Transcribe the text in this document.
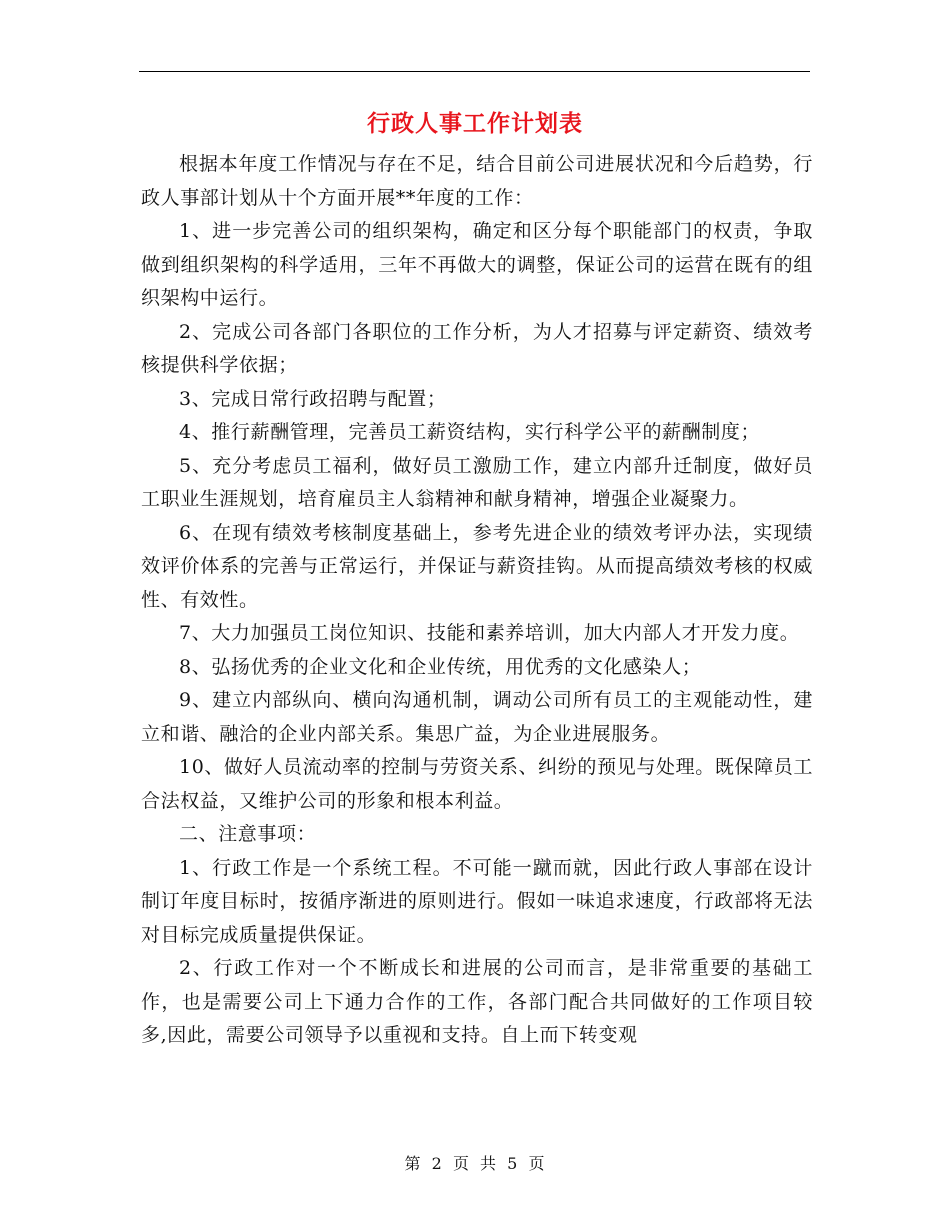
行政人事工作计划表

根据本年度工作情况与存在不足，结合目前公司进展状况和今后趋势，行政人事部计划从十个方面开展**年度的工作：

1、进一步完善公司的组织架构，确定和区分每个职能部门的权责，争取做到组织架构的科学适用，三年不再做大的调整，保证公司的运营在既有的组织架构中运行。

2、完成公司各部门各职位的工作分析，为人才招募与评定薪资、绩效考核提供科学依据；

3、完成日常行政招聘与配置；

4、推行薪酬管理，完善员工薪资结构，实行科学公平的薪酬制度；

5、充分考虑员工福利，做好员工激励工作，建立内部升迁制度，做好员工职业生涯规划，培育雇员主人翁精神和献身精神，增强企业凝聚力。

6、在现有绩效考核制度基础上，参考先进企业的绩效考评办法，实现绩效评价体系的完善与正常运行，并保证与薪资挂钩。从而提高绩效考核的权威性、有效性。

7、大力加强员工岗位知识、技能和素养培训，加大内部人才开发力度。

8、弘扬优秀的企业文化和企业传统，用优秀的文化感染人；

9、建立内部纵向、横向沟通机制，调动公司所有员工的主观能动性，建立和谐、融洽的企业内部关系。集思广益，为企业进展服务。

10、做好人员流动率的控制与劳资关系、纠纷的预见与处理。既保障员工合法权益，又维护公司的形象和根本利益。

二、注意事项：

1、行政工作是一个系统工程。不可能一蹴而就，因此行政人事部在设计制订年度目标时，按循序渐进的原则进行。假如一味追求速度，行政部将无法对目标完成质量提供保证。

2、行政工作对一个不断成长和进展的公司而言，是非常重要的基础工作，也是需要公司上下通力合作的工作，各部门配合共同做好的工作项目较多,因此，需要公司领导予以重视和支持。自上而下转变观

第 2 页 共 5 页
